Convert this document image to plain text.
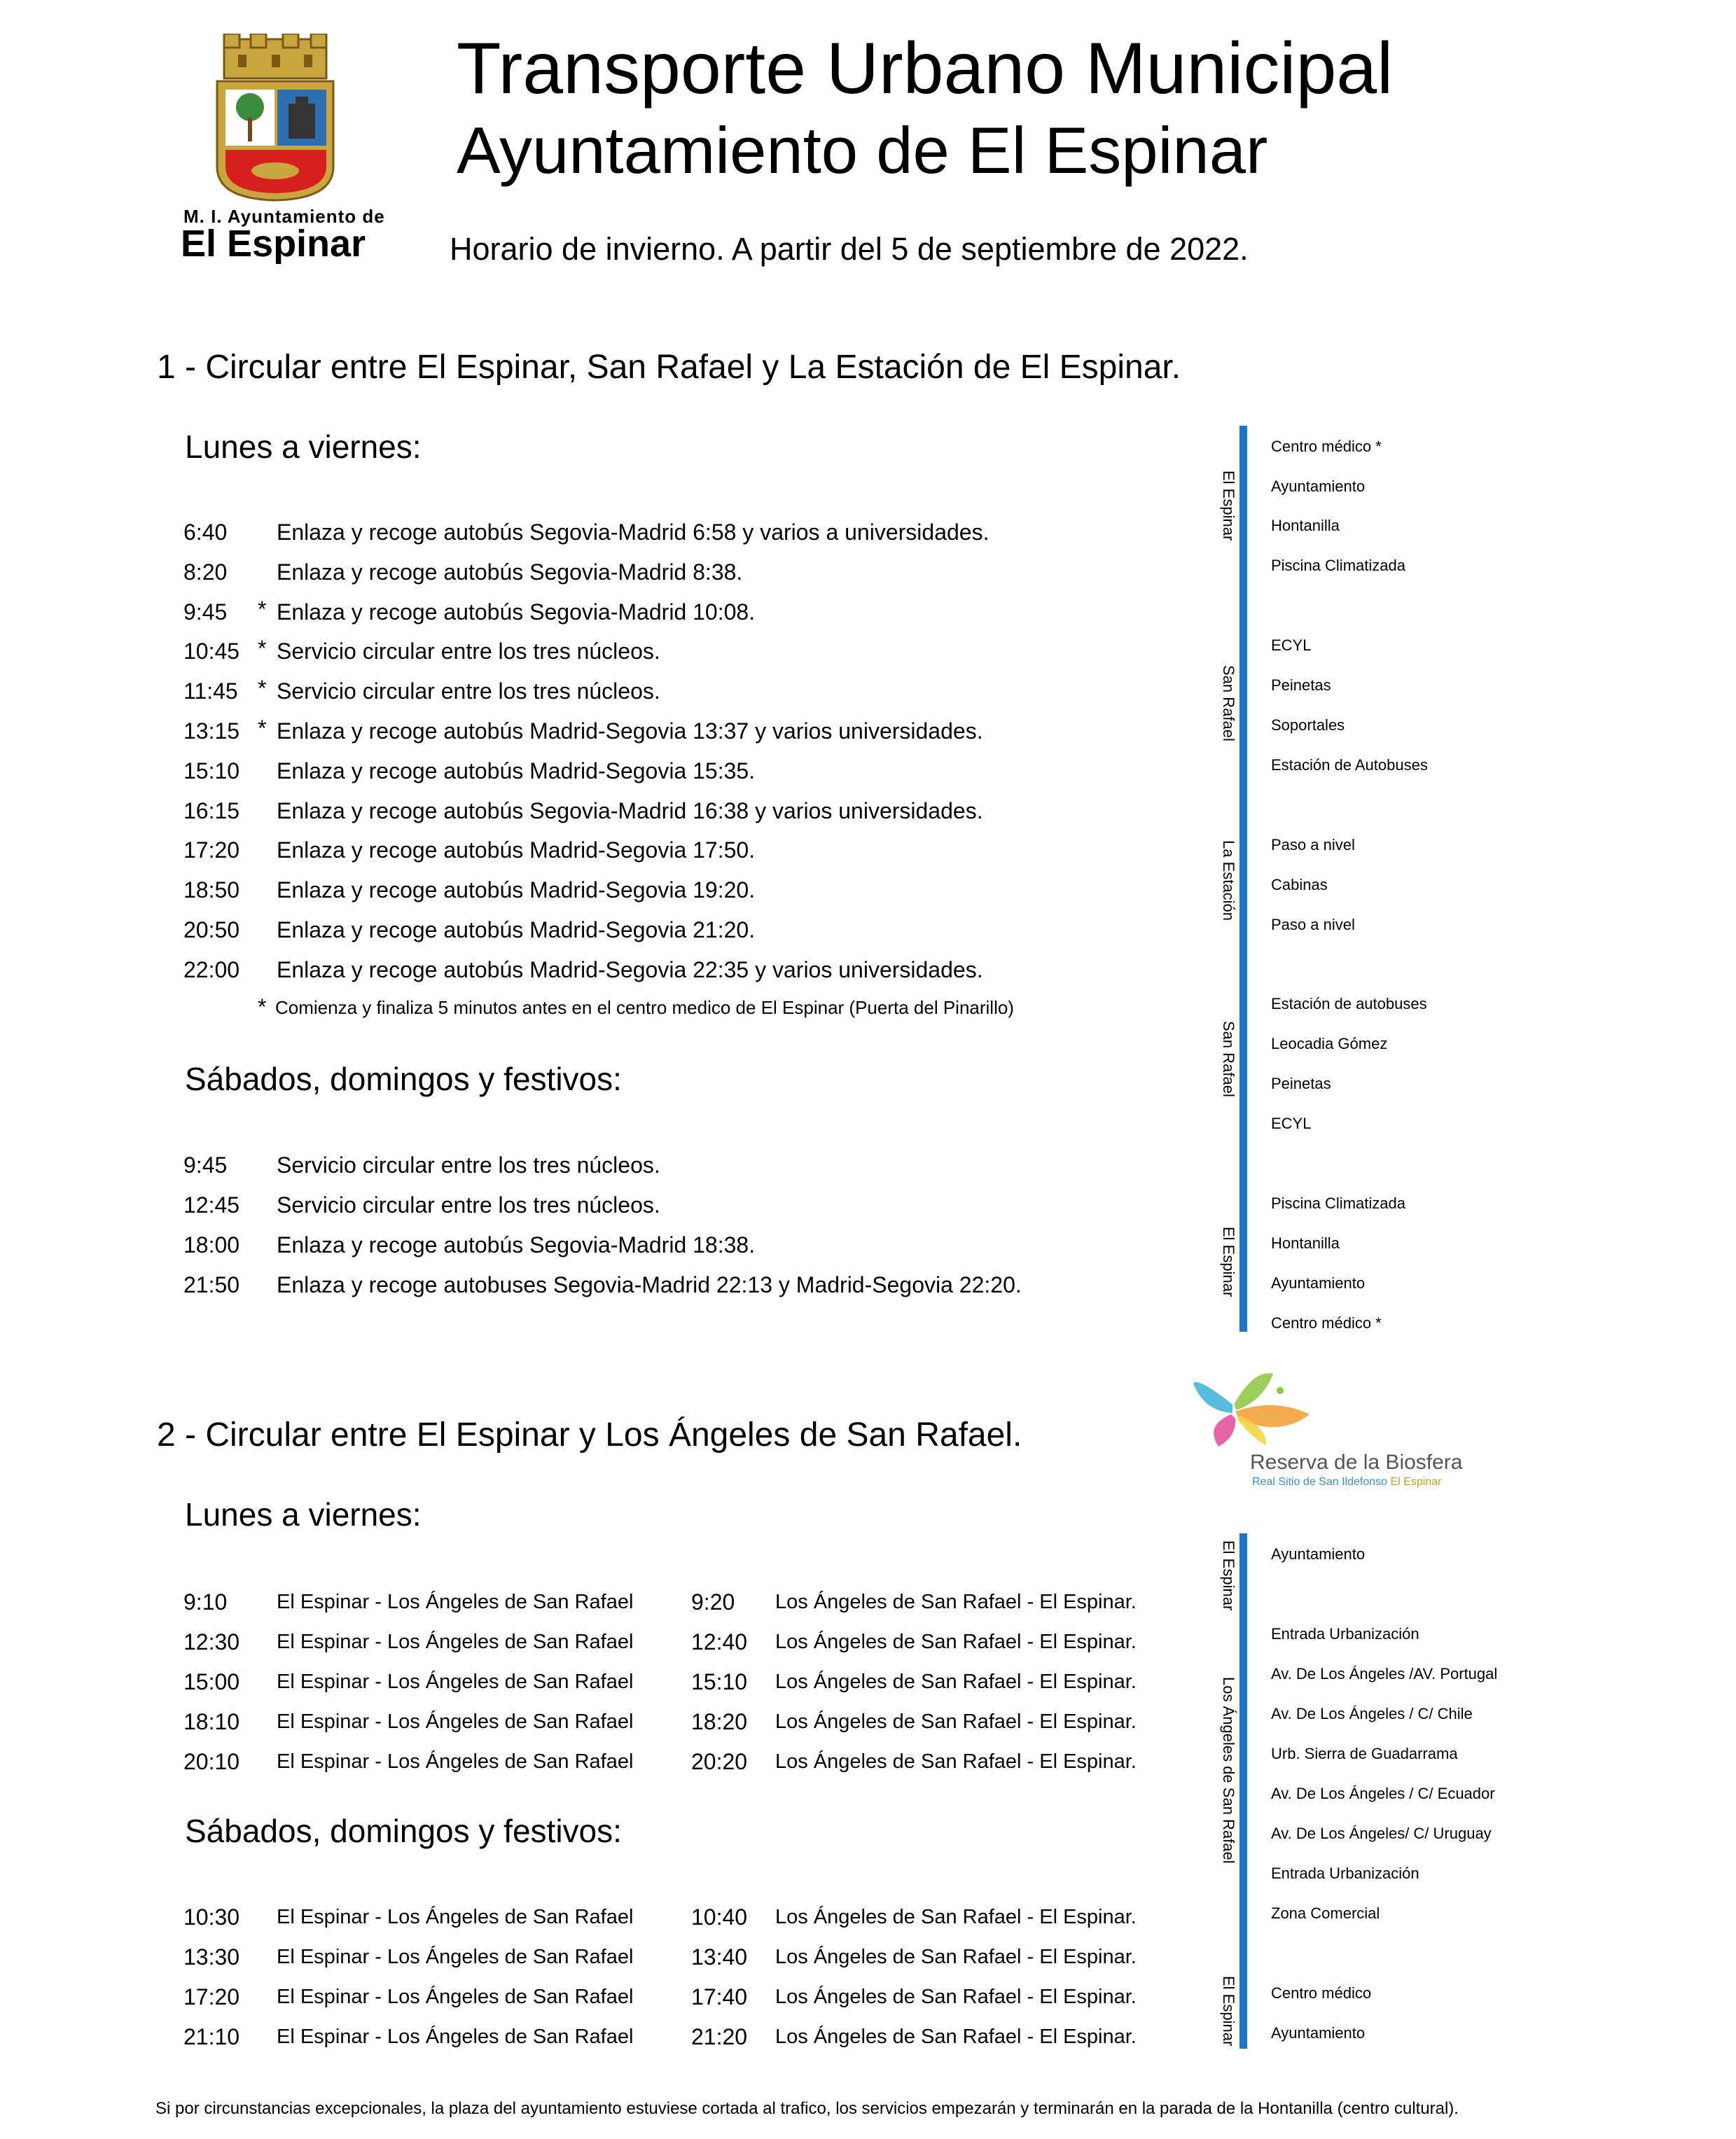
M. I. Ayuntamiento de
El Espinar
Transporte Urbano Municipal
Ayuntamiento de El Espinar
Horario de invierno. A partir del 5 de septiembre de 2022.
1 - Circular entre El Espinar, San Rafael y La Estación de El Espinar.
Lunes a viernes:
6:40 Enlaza y recoge autobús Segovia-Madrid 6:58 y varios a universidades.
8:20 Enlaza y recoge autobús Segovia-Madrid 8:38.
9:45 * Enlaza y recoge autobús Segovia-Madrid 10:08.
10:45 * Servicio circular entre los tres núcleos.
11:45 * Servicio circular entre los tres núcleos.
13:15 * Enlaza y recoge autobús Madrid-Segovia 13:37 y varios universidades.
15:10 Enlaza y recoge autobús Madrid-Segovia 15:35.
16:15 Enlaza y recoge autobús Segovia-Madrid 16:38 y varios universidades.
17:20 Enlaza y recoge autobús Madrid-Segovia 17:50.
18:50 Enlaza y recoge autobús Madrid-Segovia 19:20.
20:50 Enlaza y recoge autobús Madrid-Segovia 21:20.
22:00 Enlaza y recoge autobús Madrid-Segovia 22:35 y varios universidades.
* Comienza y finaliza 5 minutos antes en el centro medico de El Espinar (Puerta del Pinarillo)
Sábados, domingos y festivos:
9:45 Servicio circular entre los tres núcleos.
12:45 Servicio circular entre los tres núcleos.
18:00 Enlaza y recoge autobús Segovia-Madrid 18:38.
21:50 Enlaza y recoge autobuses Segovia-Madrid 22:13 y Madrid-Segovia 22:20.
El Espinar
San Rafael
La Estación
San Rafael
El Espinar
Centro médico *
Ayuntamiento
Hontanilla
Piscina Climatizada
ECYL
Peinetas
Soportales
Estación de Autobuses
Paso a nivel
Cabinas
Paso a nivel
Estación de autobuses
Leocadia Gómez
Peinetas
ECYL
Piscina Climatizada
Hontanilla
Ayuntamiento
Centro médico *
Reserva de la Biosfera
Real Sitio de San Ildefonso El Espinar
2 - Circular entre El Espinar y Los Ángeles de San Rafael.
Lunes a viernes:
9:10 El Espinar - Los Ángeles de San Rafael	9:20 Los Ángeles de San Rafael - El Espinar.
12:30 El Espinar - Los Ángeles de San Rafael	12:40 Los Ángeles de San Rafael - El Espinar.
15:00 El Espinar - Los Ángeles de San Rafael	15:10 Los Ángeles de San Rafael - El Espinar.
18:10 El Espinar - Los Ángeles de San Rafael	18:20 Los Ángeles de San Rafael - El Espinar.
20:10 El Espinar - Los Ángeles de San Rafael	20:20 Los Ángeles de San Rafael - El Espinar.
Sábados, domingos y festivos:
10:30 El Espinar - Los Ángeles de San Rafael	10:40 Los Ángeles de San Rafael - El Espinar.
13:30 El Espinar - Los Ángeles de San Rafael	13:40 Los Ángeles de San Rafael - El Espinar.
17:20 El Espinar - Los Ángeles de San Rafael	17:40 Los Ángeles de San Rafael - El Espinar.
21:10 El Espinar - Los Ángeles de San Rafael	21:20 Los Ángeles de San Rafael - El Espinar.
El Espinar
Los Ángeles de San Rafael
El Espinar
Ayuntamiento
Entrada Urbanización
Av. De Los Ángeles /AV. Portugal
Av. De Los Ángeles / C/ Chile
Urb. Sierra de Guadarrama
Av. De Los Ángeles / C/ Ecuador
Av. De Los Ángeles/ C/ Uruguay
Entrada Urbanización
Zona Comercial
Centro médico
Ayuntamiento
Si por circunstancias excepcionales, la plaza del ayuntamiento estuviese cortada al trafico, los servicios empezarán y terminarán en la parada de la Hontanilla (centro cultural).
